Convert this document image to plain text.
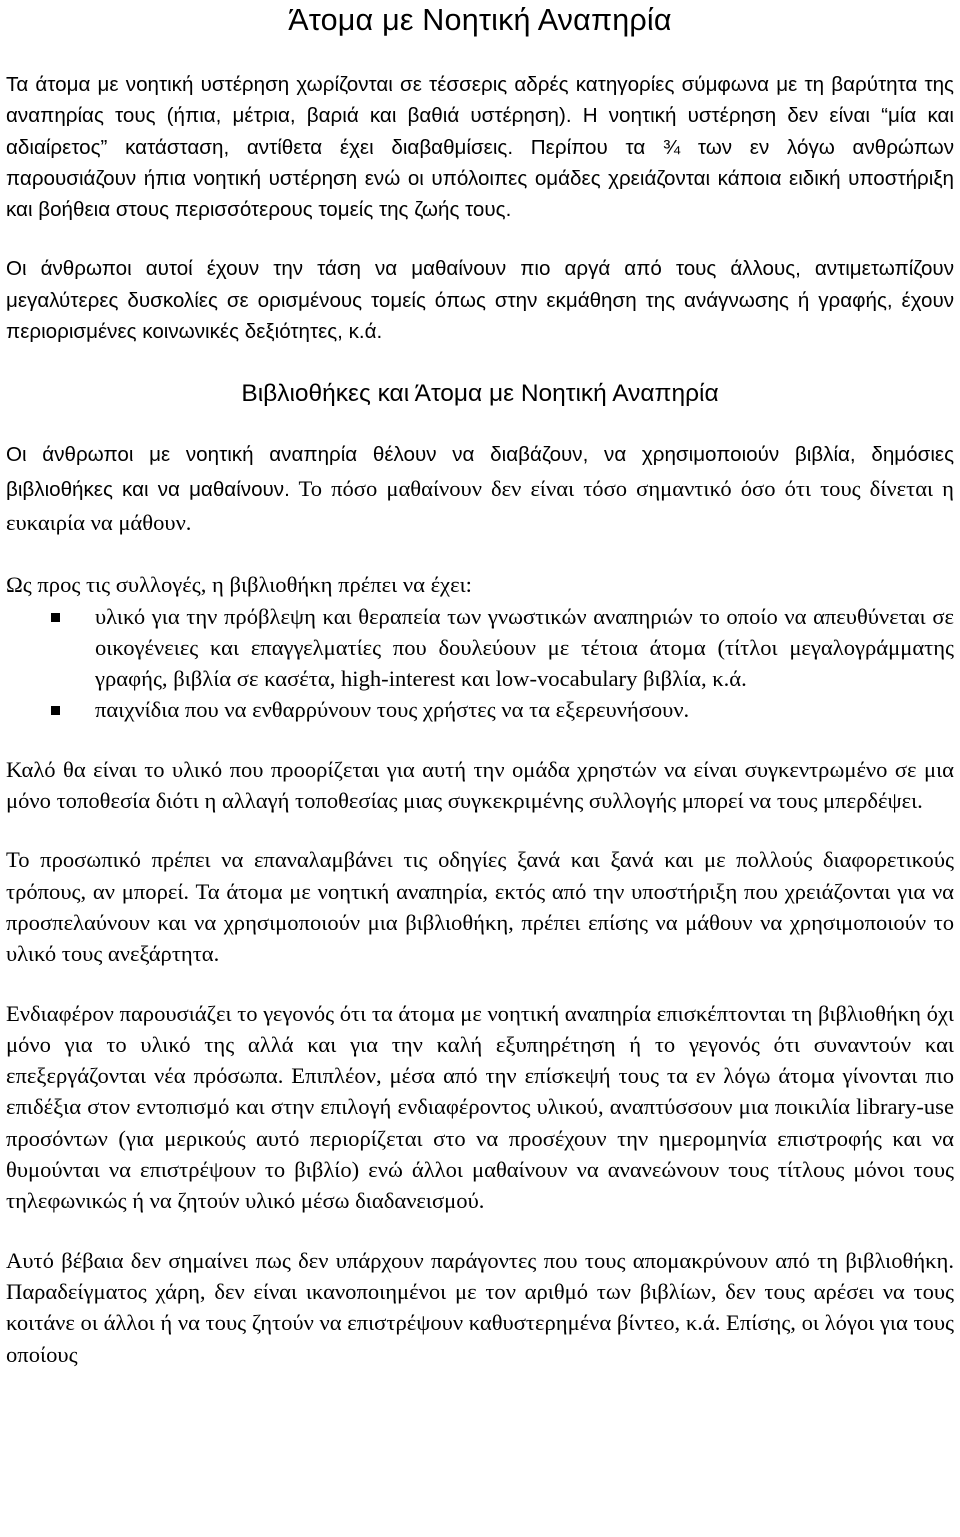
Άτομα με Νοητική Αναπηρία

Τα άτομα με νοητική υστέρηση χωρίζονται σε τέσσερις αδρές κατηγορίες σύμφωνα με τη βαρύτητα της αναπηρίας τους (ήπια, μέτρια, βαριά και βαθιά υστέρηση). Η νοητική υστέρηση δεν είναι “μία και αδιαίρετος” κατάσταση, αντίθετα έχει διαβαθμίσεις. Περίπου τα ¾ των εν λόγω ανθρώπων παρουσιάζουν ήπια νοητική υστέρηση ενώ οι υπόλοιπες ομάδες χρειάζονται κάποια ειδική υποστήριξη και βοήθεια στους περισσότερους τομείς της ζωής τους.

Οι άνθρωποι αυτοί έχουν την τάση να μαθαίνουν πιο αργά από τους άλλους, αντιμετωπίζουν μεγαλύτερες δυσκολίες σε ορισμένους τομείς όπως στην εκμάθηση της ανάγνωσης ή γραφής, έχουν περιορισμένες κοινωνικές δεξιότητες, κ.ά.

Βιβλιοθήκες και Άτομα με Νοητική Αναπηρία

Οι άνθρωποι με νοητική αναπηρία θέλουν να διαβάζουν, να χρησιμοποιούν βιβλία, δημόσιες βιβλιοθήκες και να μαθαίνουν. Το πόσο μαθαίνουν δεν είναι τόσο σημαντικό όσο ότι τους δίνεται η ευκαιρία να μάθουν.

Ως προς τις συλλογές, η βιβλιοθήκη πρέπει να έχει:

υλικό για την πρόβλεψη και θεραπεία των γνωστικών αναπηριών το οποίο να απευθύνεται σε οικογένειες και επαγγελματίες που δουλεύουν με τέτοια άτομα (τίτλοι μεγαλογράμματης γραφής, βιβλία σε κασέτα, high-interest και low-vocabulary βιβλία, κ.ά.
παιχνίδια που να ενθαρρύνουν τους χρήστες να τα εξερευνήσουν.

Καλό θα είναι το υλικό που προορίζεται για αυτή την ομάδα χρηστών να είναι συγκεντρωμένο σε μια μόνο τοποθεσία διότι η αλλαγή τοποθεσίας μιας συγκεκριμένης συλλογής μπορεί να τους μπερδέψει.

Το προσωπικό πρέπει να επαναλαμβάνει τις οδηγίες ξανά και ξανά και με πολλούς διαφορετικούς τρόπους, αν μπορεί. Τα άτομα με νοητική αναπηρία, εκτός από την υποστήριξη που χρειάζονται για να προσπελαύνουν και να χρησιμοποιούν μια βιβλιοθήκη, πρέπει επίσης να μάθουν να χρησιμοποιούν το υλικό τους ανεξάρτητα.

Ενδιαφέρον παρουσιάζει το γεγονός ότι τα άτομα με νοητική αναπηρία επισκέπτονται τη βιβλιοθήκη όχι μόνο για το υλικό της αλλά και για την καλή εξυπηρέτηση ή το γεγονός ότι συναντούν και επεξεργάζονται νέα πρόσωπα. Επιπλέον, μέσα από την επίσκεψή τους τα εν λόγω άτομα γίνονται πιο επιδέξια στον εντοπισμό και στην επιλογή ενδιαφέροντος υλικού, αναπτύσσουν μια ποικιλία library-use προσόντων (για μερικούς αυτό περιορίζεται στο να προσέχουν την ημερομηνία επιστροφής και να θυμούνται να επιστρέψουν το βιβλίο) ενώ άλλοι μαθαίνουν να ανανεώνουν τους τίτλους μόνοι τους τηλεφωνικώς ή να ζητούν υλικό μέσω διαδανεισμού.

Αυτό βέβαια δεν σημαίνει πως δεν υπάρχουν παράγοντες που τους απομακρύνουν από τη βιβλιοθήκη. Παραδείγματος χάρη, δεν είναι ικανοποιημένοι με τον αριθμό των βιβλίων, δεν τους αρέσει να τους κοιτάνε οι άλλοι ή να τους ζητούν να επιστρέψουν καθυστερημένα βίντεο, κ.ά. Επίσης, οι λόγοι για τους οποίους
